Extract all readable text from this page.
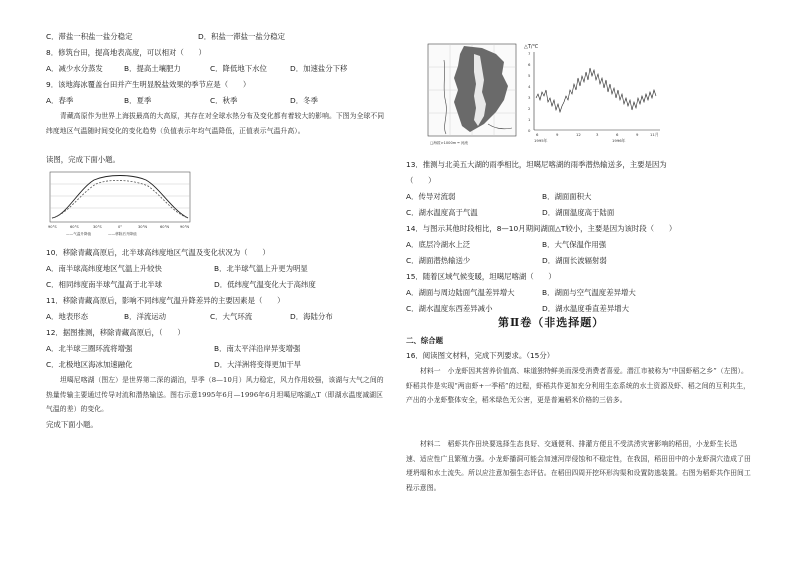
C．滞盐一积盐一盐分稳定	D．积盐一滞盐一盐分稳定
8．修筑台田，提高地表高度，可以相对（　　）
A．减少水分蒸发	B．提高土壤肥力	C．降低地下水位	D．加速盐分下移
9．该地海冰覆盖台田并产生明显脱盐效果的季节应是（　　）
A．春季	B．夏季	C．秋季	D．冬季
青藏高原作为世界上海拔最高的大高原，其存在对全球水热分布及变化都有着较大的影响。下图为全球不同纬度地区气温随时间变化的变化趋势（负值表示年均气温降低，正值表示气温升高）。
读图，完成下面小题。
90°S	60°S	30°S	0°	30°N	60°N	90°N
——气温升降值	——移除后升降值
10．移除青藏高原后，北半球高纬度地区气温及变化状况为（　　）
A．南半球高纬度地区气温上升较快	B．北半球气温上升更为明显
C．相同纬度南半球气温高于北半球	D．低纬度气温变化大于高纬度
11．移除青藏高原后，影响不同纬度气温升降差异的主要因素是（　　）
A．地表形态	B．洋流运动	C．大气环流	D．海陆分布
12．据图推测，移除青藏高原后，（　　）
A．北半球三圈环流将增强	B．南太平洋沿岸异变增强
C．北极地区海冰加速融化	D．大洋洲将变得更加干旱
坦噶尼喀湖（图左）是世界第二深的湖泊，旱季（8—10月）风力稳定，风力作用较强，该湖与大气之间的热量传输主要通过传导对流和潜热输送。图右示意1995年6月—1996年6月坦噶尼喀湖△T（即湖水温度减湖区气温的差）的变化。
完成下面小题。
□海拔>1000m ━ 河流
△T/℃
7
6
5
4
3
2
1
0
6	9	12	3	6	9	11月
1995年	1996年
13．推测与北美五大湖的雨季相比，坦噶尼喀湖的雨季潜热输送多，主要是因为
（　　）
A．传导对流弱	B．湖面面积大
C．湖水温度高于气温	D．湖面温度高于陆面
14．与图示其他时段相比，8—10月期间湖面△T较小，主要是因为该时段（　　）
A．底层冷湖水上泛	B．大气保温作用强
C．湖面潜热输送少	D．湖面长波辐射弱
15．随着区域气候变暖，坦噶尼喀湖（　　）
A．湖面与周边陆面气温差异增大	B．湖面与空气温度差异增大
C．湖水温度东西差异减小	D．湖水温度垂直差异增大
第Ⅱ卷（非选择题）
二、综合题
16．阅读图文材料，完成下列要求。（15分）
材料一　小龙虾因其营养价值高、味道独特鲜美而深受消费者喜爱。潜江市被称为“中国虾稻之乡”（左图）。虾稻共作是实现“两亩虾+一季稻”的过程，虾稻共作更加充分利用生态系统的水土资源及虾、稻之间的互利共生，产出的小龙虾整体安全，稻米绿色无公害，更是普遍稻米价格的三倍多。
材料二　稻虾共作田块要选择生态良好、交通便利、排灌方便且不受洪涝灾害影响的稻田，小龙虾生长迅速、适应性广且繁殖力强。小龙虾播洞可能会加速河岸侵蚀和不稳定性，在我国，稻田田中的小龙虾洞穴造成了田埂坍塌和水土流失。所以应注意加强生态评估。在稻田四周开挖环形沟渠和设置防逃装置。右图为稻虾共作田间工程示意图。
